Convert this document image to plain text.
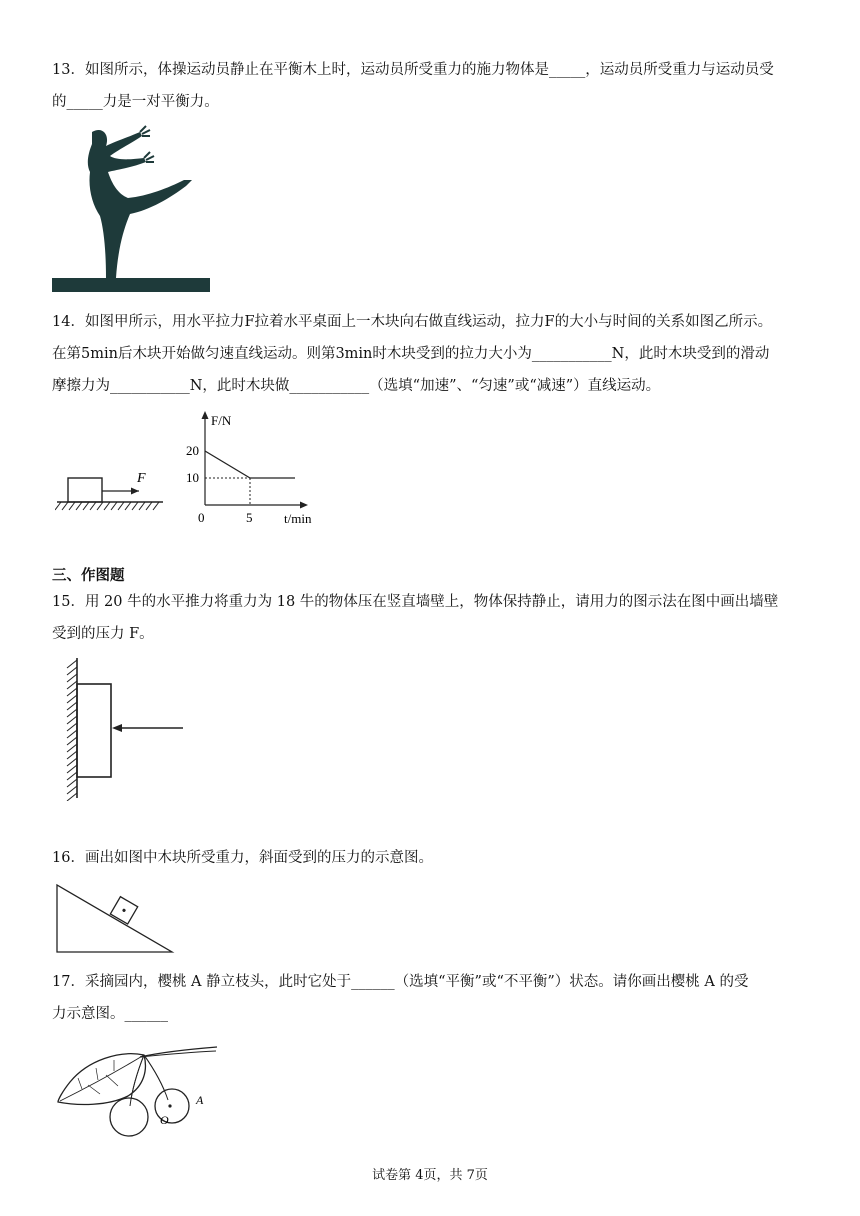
13．如图所示，体操运动员静止在平衡木上时，运动员所受重力的施力物体是_____，运动员所受重力与运动员受
的_____力是一对平衡力。
14．如图甲所示，用水平拉力F拉着水平桌面上一木块向右做直线运动，拉力F的大小与时间的关系如图乙所示。
在第5min后木块开始做匀速直线运动。则第3min时木块受到的拉力大小为___________N，此时木块受到的滑动
摩擦力为___________N，此时木块做___________（选填“加速”、“匀速”或“减速”）直线运动。
F
F/N
t/min
20
10
0	5
三、作图题
15．用 20 牛的水平推力将重力为 18 牛的物体压在竖直墙壁上，物体保持静止，请用力的图示法在图中画出墙壁
受到的压力 F。
16．画出如图中木块所受重力，斜面受到的压力的示意图。
17．采摘园内，樱桃 A 静立枝头，此时它处于______（选填“平衡”或“不平衡”）状态。请你画出樱桃 A 的受
力示意图。______
O
A
试卷第 4页，共 7页
